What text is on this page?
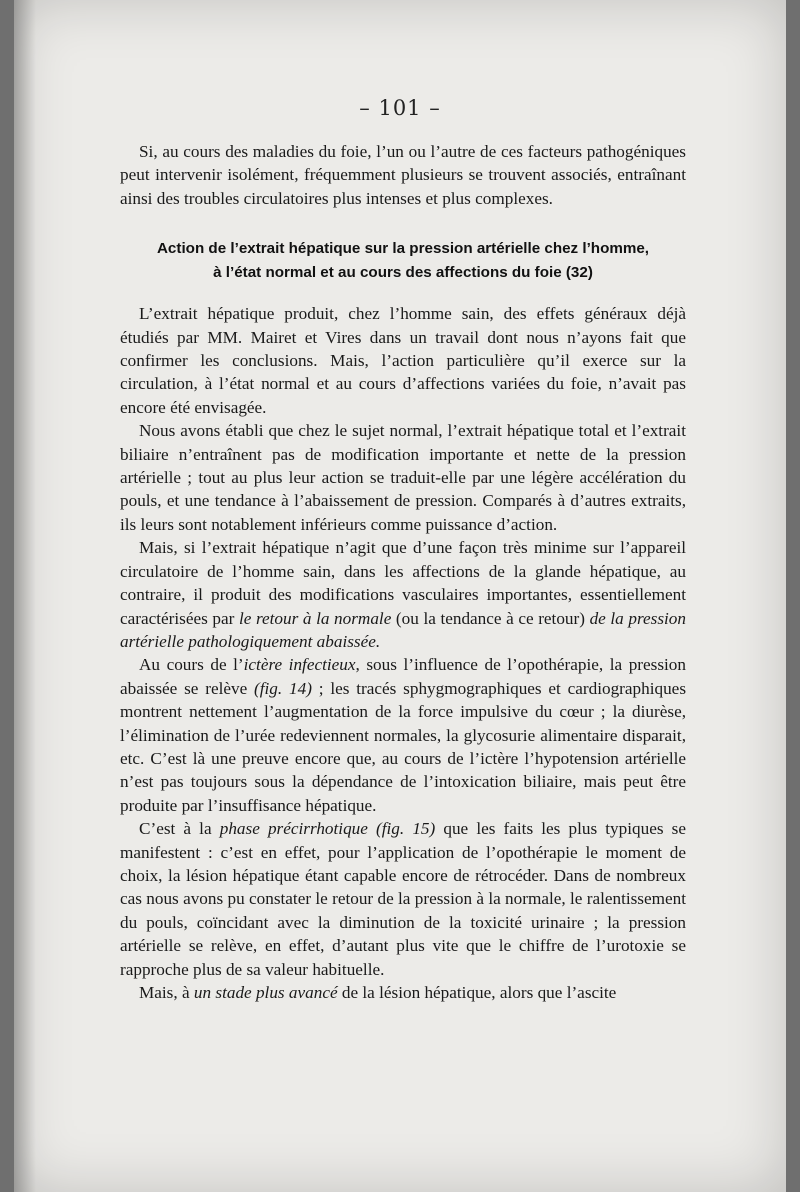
– 101 –

Si, au cours des maladies du foie, l’un ou l’autre de ces facteurs pathogéniques peut intervenir isolément, fréquemment plusieurs se trouvent associés, entraînant ainsi des troubles circulatoires plus intenses et plus complexes.

Action de l’extrait hépatique sur la pression artérielle chez l’homme,
à l’état normal et au cours des affections du foie (32)

L’extrait hépatique produit, chez l’homme sain, des effets généraux déjà étudiés par MM. Mairet et Vires dans un travail dont nous n’ayons fait que confirmer les conclusions. Mais, l’action particulière qu’il exerce sur la circulation, à l’état normal et au cours d’affections variées du foie, n’avait pas encore été envisagée.

Nous avons établi que chez le sujet normal, l’extrait hépatique total et l’extrait biliaire n’entraînent pas de modification importante et nette de la pression artérielle ; tout au plus leur action se traduit-elle par une légère accélération du pouls, et une tendance à l’abaissement de pression. Comparés à d’autres extraits, ils leurs sont notablement inférieurs comme puissance d’action.

Mais, si l’extrait hépatique n’agit que d’une façon très minime sur l’appareil circulatoire de l’homme sain, dans les affections de la glande hépatique, au contraire, il produit des modifications vasculaires importantes, essentiellement caractérisées par le retour à la normale (ou la tendance à ce retour) de la pression artérielle pathologiquement abaissée.

Au cours de l’ictère infectieux, sous l’influence de l’opothérapie, la pression abaissée se relève (fig. 14) ; les tracés sphygmographiques et cardiographiques montrent nettement l’augmentation de la force impulsive du cœur ; la diurèse, l’élimination de l’urée redeviennent normales, la glycosurie alimentaire disparait, etc. C’est là une preuve encore que, au cours de l’ictère l’hypotension artérielle n’est pas toujours sous la dépendance de l’intoxication biliaire, mais peut être produite par l’insuffisance hépatique.

C’est à la phase précirrhotique (fig. 15) que les faits les plus typiques se manifestent : c’est en effet, pour l’application de l’opothérapie le moment de choix, la lésion hépatique étant capable encore de rétrocéder. Dans de nombreux cas nous avons pu constater le retour de la pression à la normale, le ralentissement du pouls, coïncidant avec la diminution de la toxicité urinaire ; la pression artérielle se relève, en effet, d’autant plus vite que le chiffre de l’urotoxie se rapproche plus de sa valeur habituelle.

Mais, à un stade plus avancé de la lésion hépatique, alors que l’ascite
